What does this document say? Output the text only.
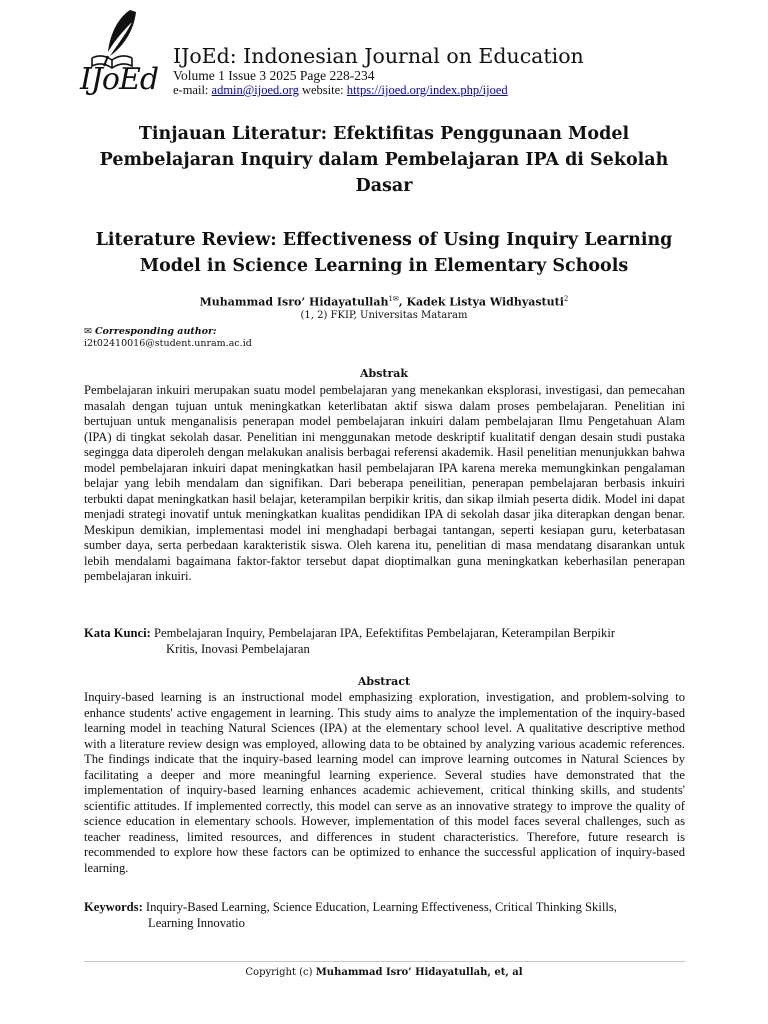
IJoEd
IJoEd: Indonesian Journal on Education
Volume 1 Issue 3 2025 Page 228-234
e-mail: admin@ijoed.org website: https://ijoed.org/index.php/ijoed
Tinjauan Literatur: Efektifitas Penggunaan Model Pembelajaran Inquiry dalam Pembelajaran IPA di Sekolah Dasar
Literature Review: Effectiveness of Using Inquiry Learning Model in Science Learning in Elementary Schools
Muhammad Isro’ Hidayatullah$^{1✉}$, Kadek Listya Widhyastuti$^2$
(1, 2) FKIP, Universitas Mataram
✉ Corresponding author:
i2t02410016@student.unram.ac.id
Abstrak
Pembelajaran inkuiri merupakan suatu model pembelajaran yang menekankan eksplorasi, investigasi, dan pemecahan masalah dengan tujuan untuk meningkatkan keterlibatan aktif siswa dalam proses pembelajaran. Penelitian ini bertujuan untuk menganalisis penerapan model pembelajaran inkuiri dalam pembelajaran Ilmu Pengetahuan Alam (IPA) di tingkat sekolah dasar. Penelitian ini menggunakan metode deskriptif kualitatif dengan desain studi pustaka segingga data diperoleh dengan melakukan analisis berbagai referensi akademik. Hasil penelitian menunjukkan bahwa model pembelajaran inkuiri dapat meningkatkan hasil pembelajaran IPA karena mereka memungkinkan pengalaman belajar yang lebih mendalam dan signifikan. Dari beberapa peneilitian, penerapan pembelajaran berbasis inkuiri terbukti dapat meningkatkan hasil belajar, keterampilan berpikir kritis, dan sikap ilmiah peserta didik. Model ini dapat menjadi strategi inovatif untuk meningkatkan kualitas pendidikan IPA di sekolah dasar jika diterapkan dengan benar. Meskipun demikian, implementasi model ini menghadapi berbagai tantangan, seperti kesiapan guru, keterbatasan sumber daya, serta perbedaan karakteristik siswa. Oleh karena itu, penelitian di masa mendatang disarankan untuk lebih mendalami bagaimana faktor-faktor tersebut dapat dioptimalkan guna meningkatkan keberhasilan penerapan pembelajaran inkuiri.
Kata Kunci: Pembelajaran Inquiry, Pembelajaran IPA, Eefektifitas Pembelajaran, Keterampilan Berpikir
Kritis, Inovasi Pembelajaran
Abstract
Inquiry-based learning is an instructional model emphasizing exploration, investigation, and problem-solving to enhance students' active engagement in learning. This study aims to analyze the implementation of the inquiry-based learning model in teaching Natural Sciences (IPA) at the elementary school level. A qualitative descriptive method with a literature review design was employed, allowing data to be obtained by analyzing various academic references. The findings indicate that the inquiry-based learning model can improve learning outcomes in Natural Sciences by facilitating a deeper and more meaningful learning experience. Several studies have demonstrated that the implementation of inquiry-based learning enhances academic achievement, critical thinking skills, and students' scientific attitudes. If implemented correctly, this model can serve as an innovative strategy to improve the quality of science education in elementary schools. However, implementation of this model faces several challenges, such as teacher readiness, limited resources, and differences in student characteristics. Therefore, future research is recommended to explore how these factors can be optimized to enhance the successful application of inquiry-based learning.
Keywords: Inquiry-Based Learning, Science Education, Learning Effectiveness, Critical Thinking Skills,
Learning Innovatio
Copyright (c) Muhammad Isro’ Hidayatullah, et, al
